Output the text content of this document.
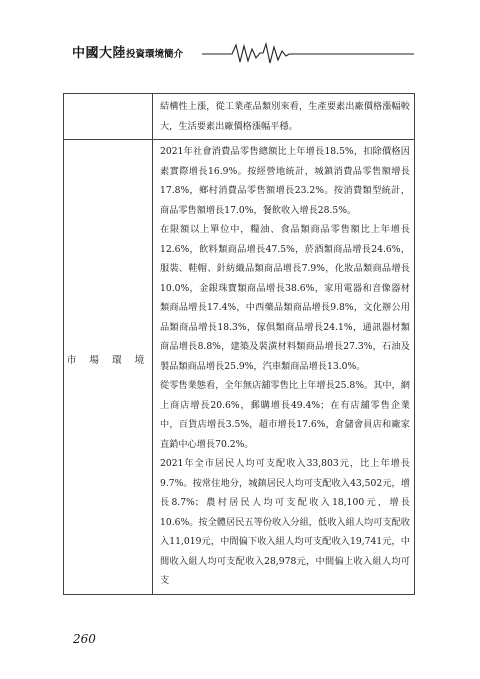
中國大陸投資環境簡介

結構性上漲，從工業產品類別來看，生產要素出廠價格漲幅較大，生活要素出廠價格漲幅平穩。

市 場 環 境

2021年社會消費品零售總額比上年增長18.5%，扣除價格因素實際增長16.9%。按經營地統計，城鎮消費品零售額增長17.8%，鄉村消費品零售額增長23.2%。按消費類型統計，商品零售額增長17.0%，餐飲收入增長28.5%。

在限額以上單位中，糧油、食品類商品零售額比上年增長12.6%，飲料類商品增長47.5%，菸酒類商品增長24.6%，服裝、鞋帽、針紡織品類商品增長7.9%，化妝品類商品增長10.0%，金銀珠寶類商品增長38.6%，家用電器和音像器材類商品增長17.4%，中西藥品類商品增長9.8%，文化辦公用品類商品增長18.3%，傢俱類商品增長24.1%，通訊器材類商品增長8.8%，建築及裝潢材料類商品增長27.3%，石油及製品類商品增長25.9%，汽車類商品增長13.0%。

從零售業態看，全年無店舖零售比上年增長25.8%。其中，網上商店增長20.6%，郵購增長49.4%；在有店舖零售企業中，百貨店增長3.5%，超市增長17.6%，倉儲會員店和廠家直銷中心增長70.2%。

2021年全市居民人均可支配收入33,803元，比上年增長9.7%。按常住地分，城鎮居民人均可支配收入43,502元，增長8.7%；農村居民人均可支配收入18,100元，增長10.6%。按全體居民五等份收入分組，低收入組人均可支配收入11,019元，中間偏下收入組人均可支配收入19,741元，中間收入組人均可支配收入28,978元，中間偏上收入組人均可支

260
